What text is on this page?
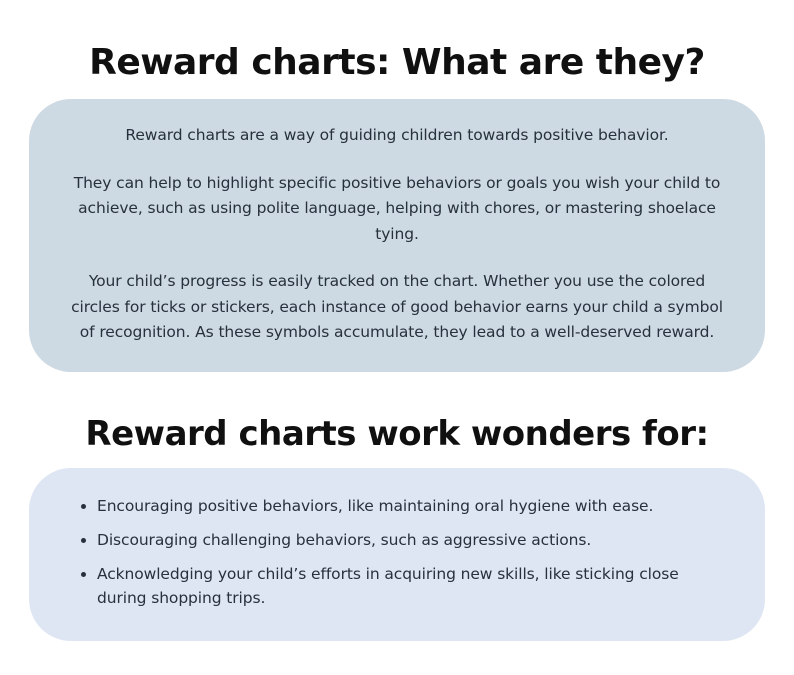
Reward charts: What are they?

Reward charts are a way of guiding children towards positive behavior.

They can help to highlight specific positive behaviors or goals you wish your child to achieve, such as using polite language, helping with chores, or mastering shoelace tying.

Your child’s progress is easily tracked on the chart. Whether you use the colored circles for ticks or stickers, each instance of good behavior earns your child a symbol of recognition. As these symbols accumulate, they lead to a well-deserved reward.

Reward charts work wonders for:
• Encouraging positive behaviors, like maintaining oral hygiene with ease.
• Discouraging challenging behaviors, such as aggressive actions.
• Acknowledging your child’s efforts in acquiring new skills, like sticking close during shopping trips.
